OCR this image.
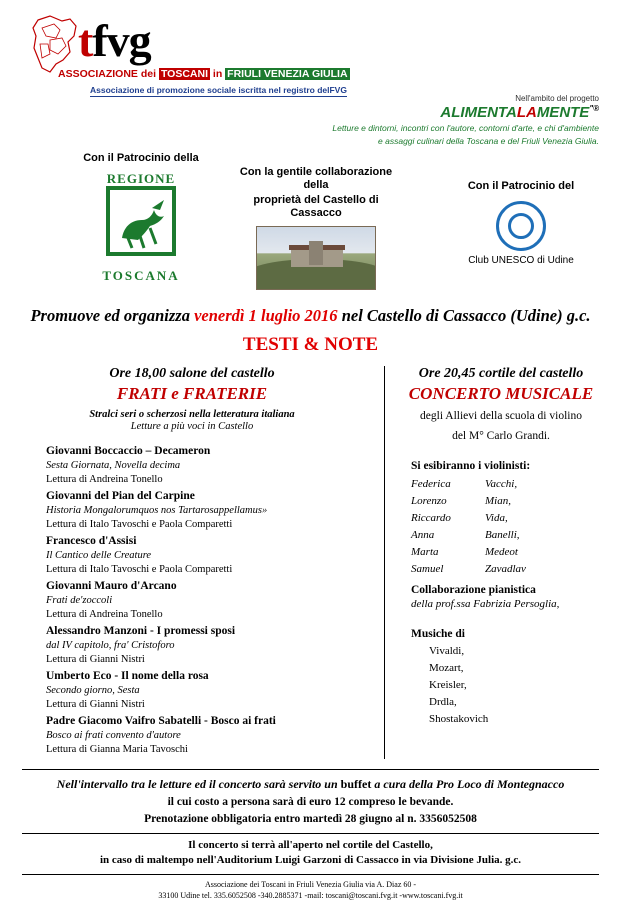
tfvg
ASSOCIAZIONE dei TOSCANI in FRIULI VENEZIA GIULIA
Associazione di promozione sociale iscritta nel registro delFVG
Nell'ambito del progetto
ALIMENTALAMENTE"®
Letture e dintorni, incontri con l'autore, contorni d'arte, e chi d'ambiente
e assaggi culinari della Toscana e del Friuli Venezia Giulia.
Con il Patrocinio della
REGIONE
TOSCANA
Con la gentile collaborazione della
proprietà del Castello di Cassacco
Con il Patrocinio del
Club UNESCO di Udine
Promuove ed organizza venerdì 1 luglio 2016 nel Castello di Cassacco (Udine) g.c.
TESTI & NOTE
Ore 18,00 salone del castello
FRATI e FRATERIE
Stralci seri o scherzosi nella letteratura italiana
Letture a più voci in Castello
Giovanni Boccaccio – Decameron
Sesta Giornata, Novella decima
Lettura di Andreina Tonello
Giovanni del Pian del Carpine
Historia Mongalorumquos nos Tartarosappellamus»
Lettura di Italo Tavoschi e Paola Comparetti
Francesco d'Assisi
Il Cantico delle Creature
Lettura di Italo Tavoschi e Paola Comparetti
Giovanni Mauro d'Arcano
Frati de'zoccoli
Lettura di Andreina Tonello
Alessandro Manzoni - I promessi sposi
dal IV capitolo, fra' Cristoforo
Lettura di Gianni Nistri
Umberto Eco - Il nome della rosa
Secondo giorno, Sesta
Lettura di Gianni Nistri
Padre Giacomo Vaifro Sabatelli - Bosco ai frati
Bosco ai frati convento d'autore
Lettura di Gianna Maria Tavoschi
Ore 20,45 cortile del castello
CONCERTO MUSICALE
degli Allievi della scuola di violino
del M° Carlo Grandi.
Si esibiranno i violinisti:
Federica	Vacchi,
Lorenzo	Mian,
Riccardo	Vida,
Anna	Banelli,
Marta	Medeot
Samuel	Zavadlav
Collaborazione pianistica
della prof.ssa Fabrizia Persoglia,
Musiche di
Vivaldi,
Mozart,
Kreisler,
Drdla,
Shostakovich
Nell'intervallo tra le letture ed il concerto sarà servito un buffet a cura della Pro Loco di Montegnacco
il cui costo a persona sarà di euro 12 compreso le bevande.
Prenotazione obbligatoria entro martedì 28 giugno al n. 3356052508
Il concerto si terrà all'aperto nel cortile del Castello,
in caso di maltempo nell'Auditorium Luigi Garzoni di Cassacco in via Divisione Julia. g.c.
Associazione dei Toscani in Friuli Venezia Giulia via A. Diaz 60 -
33100 Udine tel. 335.6052508 -340.2885371 -mail: toscani@toscani.fvg.it -www.toscani.fvg.it
